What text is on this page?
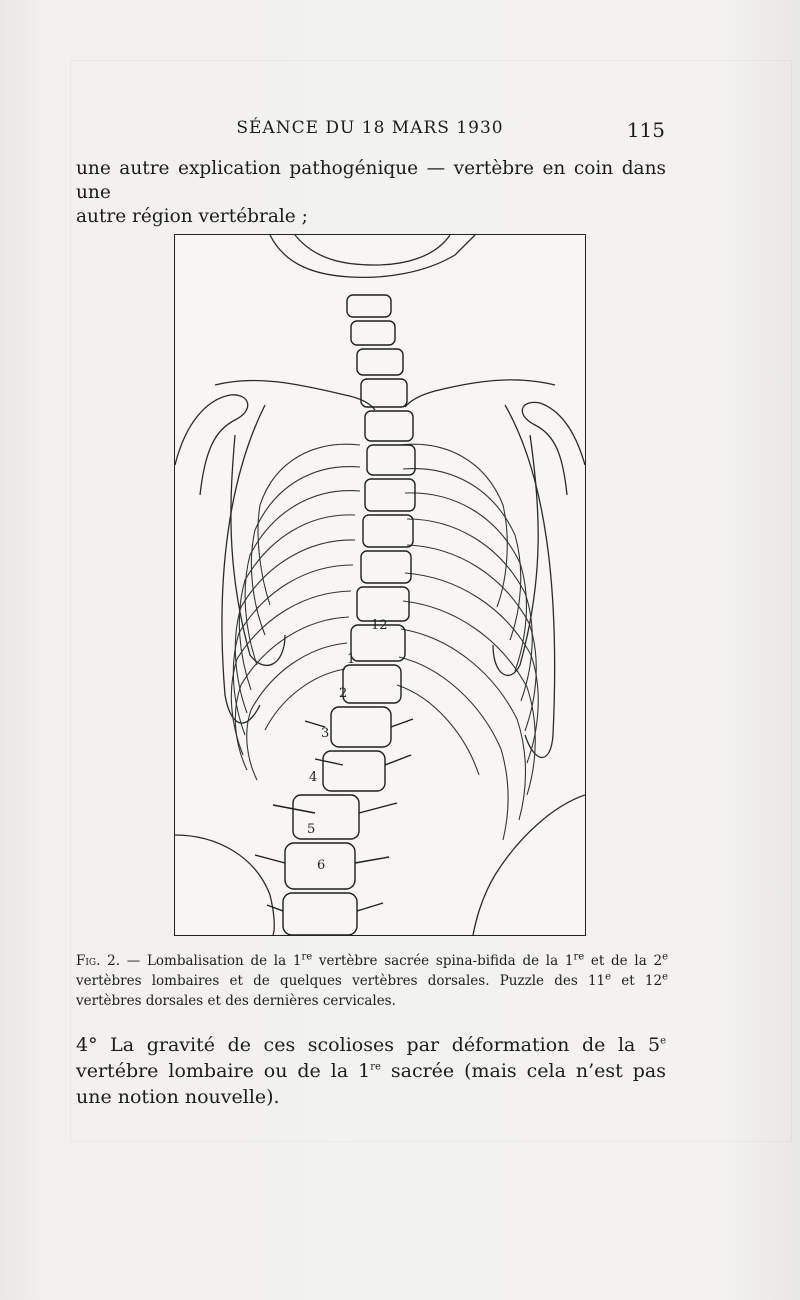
SÉANCE DU 18 MARS 1930	115
une autre explication pathogénique — vertèbre en coin dans une
autre région vertébrale ;
12
1
2
3
4
5
6
Fig. 2. — Lombalisation de la 1re vertèbre sacrée spina-bifida de la 1re et de la 2e vertèbres lombaires et de quelques vertèbres dorsales. Puzzle des 11e et 12e vertèbres dorsales et des dernières cervicales.
4° La gravité de ces scolioses par déformation de la 5e vertébre lombaire ou de la 1re sacrée (mais cela n’est pas une notion nouvelle).
